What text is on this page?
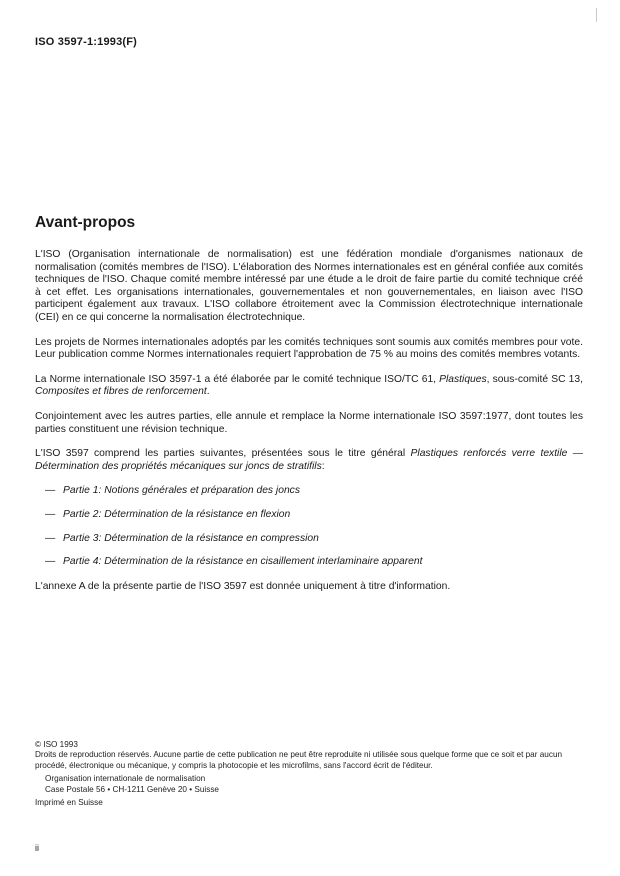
ISO 3597-1:1993(F)
Avant-propos

L'ISO (Organisation internationale de normalisation) est une fédération mondiale d'organismes nationaux de normalisation (comités membres de l'ISO). L'élaboration des Normes internationales est en général confiée aux comités techniques de l'ISO. Chaque comité membre intéressé par une étude a le droit de faire partie du comité technique créé à cet effet. Les organisations internationales, gouvernementales et non gouvernementales, en liaison avec l'ISO participent également aux travaux. L'ISO collabore étroitement avec la Commission électrotechnique internationale (CEI) en ce qui concerne la normalisation électrotechnique.

Les projets de Normes internationales adoptés par les comités techniques sont soumis aux comités membres pour vote. Leur publication comme Normes internationales requiert l'approbation de 75 % au moins des comités membres votants.

La Norme internationale ISO 3597-1 a été élaborée par le comité technique ISO/TC 61, Plastiques, sous-comité SC 13, Composites et fibres de renforcement.

Conjointement avec les autres parties, elle annule et remplace la Norme internationale ISO 3597:1977, dont toutes les parties constituent une révision technique.

L'ISO 3597 comprend les parties suivantes, présentées sous le titre général Plastiques renforcés verre textile — Détermination des propriétés mécaniques sur joncs de stratifils:

— Partie 1: Notions générales et préparation des joncs
— Partie 2: Détermination de la résistance en flexion
— Partie 3: Détermination de la résistance en compression
— Partie 4: Détermination de la résistance en cisaillement interlaminaire apparent

L'annexe A de la présente partie de l'ISO 3597 est donnée uniquement à titre d'information.

© ISO 1993

Droits de reproduction réservés. Aucune partie de cette publication ne peut être reproduite ni utilisée sous quelque forme que ce soit et par aucun procédé, électronique ou mécanique, y compris la photocopie et les microfilms, sans l'accord écrit de l'éditeur.

Organisation internationale de normalisation
Case Postale 56 • CH-1211 Genève 20 • Suisse

Imprimé en Suisse

ii
